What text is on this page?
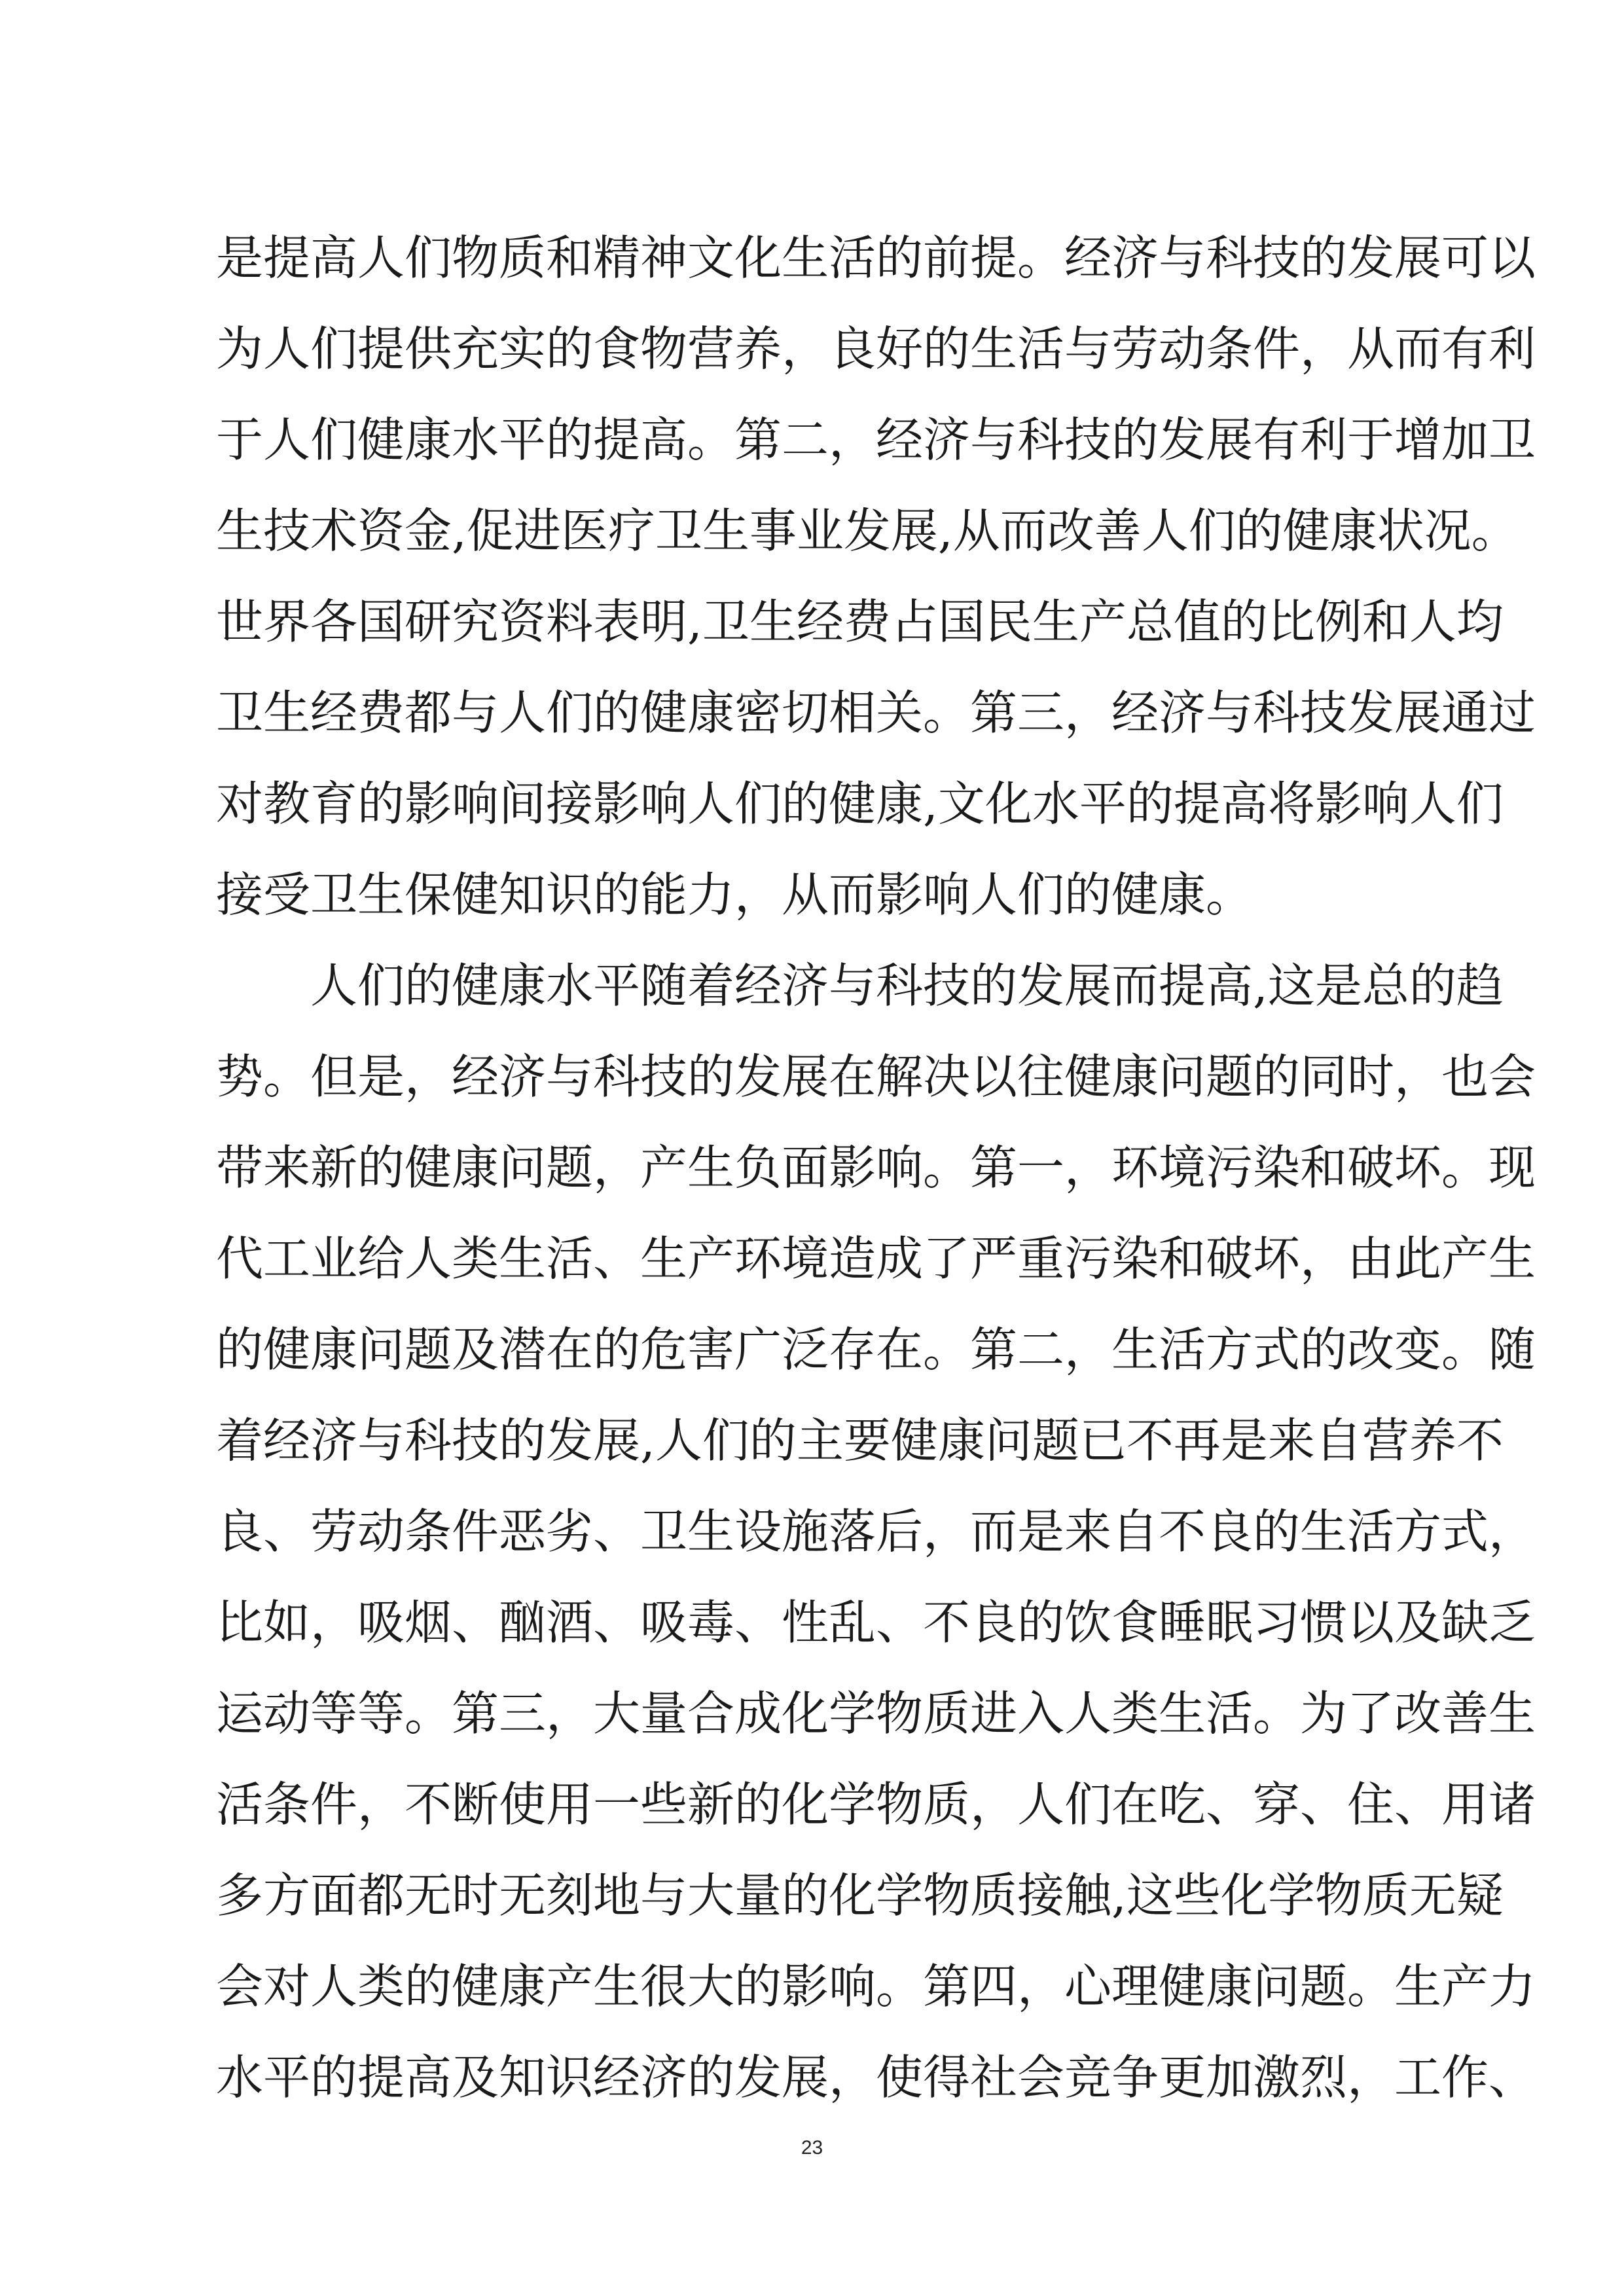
是提高人们物质和精神文化生活的前提。经济与科技的发展可以
为人们提供充实的食物营养，良好的生活与劳动条件，从而有利
于人们健康水平的提高。第二，经济与科技的发展有利于增加卫
生技术资金,促进医疗卫生事业发展,从而改善人们的健康状况。
世界各国研究资料表明,卫生经费占国民生产总值的比例和人均
卫生经费都与人们的健康密切相关。第三，经济与科技发展通过
对教育的影响间接影响人们的健康,文化水平的提高将影响人们
接受卫生保健知识的能力，从而影响人们的健康。
人们的健康水平随着经济与科技的发展而提高,这是总的趋
势。但是，经济与科技的发展在解决以往健康问题的同时，也会
带来新的健康问题，产生负面影响。第一，环境污染和破坏。现
代工业给人类生活、生产环境造成了严重污染和破坏，由此产生
的健康问题及潜在的危害广泛存在。第二，生活方式的改变。随
着经济与科技的发展,人们的主要健康问题已不再是来自营养不
良、劳动条件恶劣、卫生设施落后，而是来自不良的生活方式，
比如，吸烟、酗酒、吸毒、性乱、不良的饮食睡眠习惯以及缺乏
运动等等。第三，大量合成化学物质进入人类生活。为了改善生
活条件，不断使用一些新的化学物质，人们在吃、穿、住、用诸
多方面都无时无刻地与大量的化学物质接触,这些化学物质无疑
会对人类的健康产生很大的影响。第四，心理健康问题。生产力
水平的提高及知识经济的发展，使得社会竞争更加激烈，工作、
23
